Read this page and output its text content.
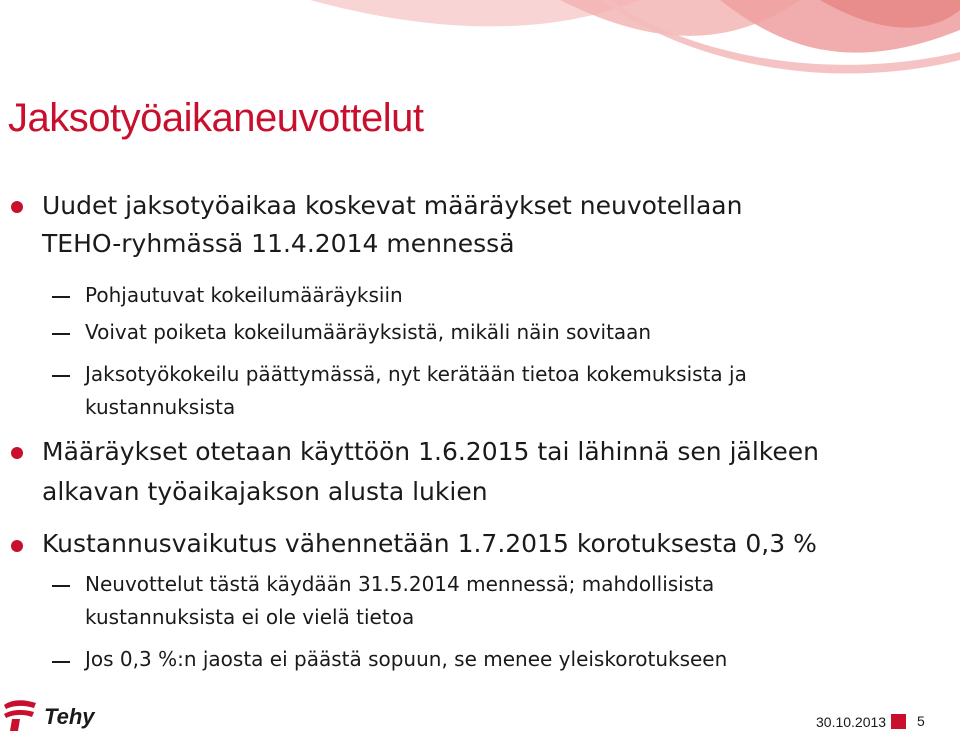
Jaksotyöaikaneuvottelut
Uudet jaksotyöaikaa koskevat määräykset neuvotellaan
TEHO-ryhmässä 11.4.2014 mennessä
Pohjautuvat kokeilumääräyksiin
Voivat poiketa kokeilumääräyksistä, mikäli näin sovitaan
Jaksotyökokeilu päättymässä, nyt kerätään tietoa kokemuksista ja
kustannuksista
Määräykset otetaan käyttöön 1.6.2015 tai lähinnä sen jälkeen
alkavan työaikajakson alusta lukien
Kustannusvaikutus vähennetään 1.7.2015 korotuksesta 0,3 %
Neuvottelut tästä käydään 31.5.2014 mennessä; mahdollisista
kustannuksista ei ole vielä tietoa
Jos 0,3 %:n jaosta ei päästä sopuun, se menee yleiskorotukseen
Tehy	30.10.2013 5
